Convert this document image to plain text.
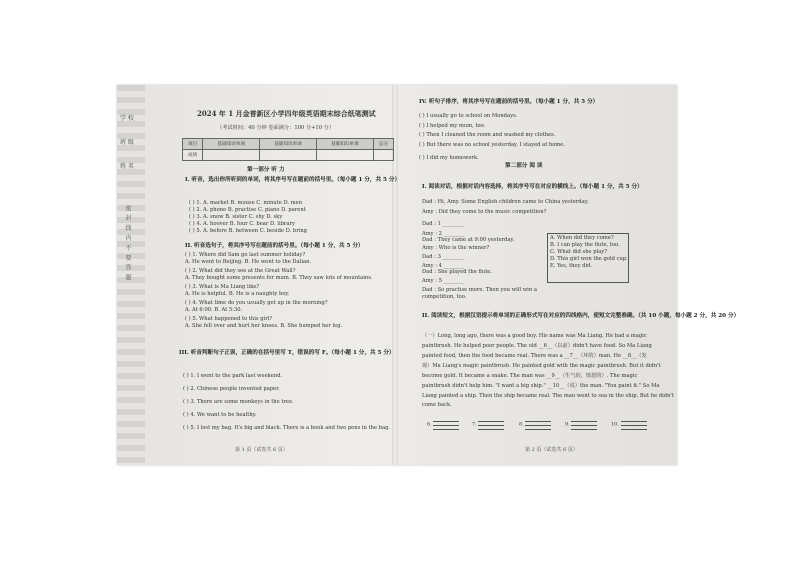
学 校
班 级
姓 名
密 封 线 内 不 要 答 题
2024 年 1 月金普新区小学四年级英语期末综合纸笔测试
（考试时间：40 分钟 卷面满分：100 分+10 分）
项目	基础知识单项	基础知识单项	基础知识单项	总分
成绩				
第一部分 听 力
I. 听音，选出你所听到的单词，将其序号写在题前的括号里。（每小题 1 分，共 5 分）
( ) 1. A. market B. mouse C. minute D. men
( ) 2. A. phone B. practise C. piano D. parent
( ) 3. A. snow B. sister C. shy D. sky
( ) 4. A. hoover B. four C. bear D. library
( ) 5. A. before B. between C. beside D. bring
II. 听音选句子，将其序号写在题前的括号里。（每小题 1 分，共 5 分）
( ) 1. Where did Sam go last summer holiday?
A. He went to Beijing. B. He went to the Dalian.
( ) 2. What did they see at the Great Wall?
A. They bought some presents for mum. B. They saw lots of mountains.
( ) 3. What is Ma Liang like?
A. He is helpful. B. He is a naughty boy.
( ) 4. What time do you usually get up in the morning?
A. At 6:00. B. At 5:30.
( ) 5. What happened to this girl?
A. She fell over and hurt her knees. B. She bumped her leg.
III. 听音判断句子正误，正确的在括号里写 T，错误的写 F。（每小题 1 分，共 5 分）
( ) 1. I went to the park last weekend.
( ) 2. Chinese people invented paper.
( ) 3. There are some monkeys in the tree.
( ) 4. We want to be healthy.
( ) 5. I lost my bag. It's big and black. There is a book and two pens in the bag.
第 1 页（试卷共 6 页）
IV. 听句子排序，将其序号写在题前的括号里。（每小题 1 分，共 5 分）
( ) I usually go to school on Mondays.
( ) I helped my mum, too.
( ) Then I cleaned the room and washed my clothes.
( ) But there was no school yesterday. I stayed at home.
( ) I did my homework.
第二部分 阅 读
I. 阅读对话，根据对话内容选择，将其序号写在对应的横线上。（每小题 1 分，共 5 分）
Dad : Hi, Amy. Some English children came to China yesterday.
Amy : Did they come to the music competition?
Dad : 1 ________
Amy : 2 ________
Dad : They came at 9:00 yesterday.
Amy : Who is the winner?
Dad : 3 ________
Amy : 4 ________
Dad : She played the flute.
Amy : 5 ________
Dad : So practise more. Then you will win a
competition, too.
A. When did they come?
B. I can play the flute, too.
C. What did she play?
D. This girl won the gold cup.
E. Yes, they did.
II. 阅读短文，根据汉语提示将单词的正确形式写在对应的四线格内，使短文完整准确。（共 10 小题，每小题 2 分，共 20 分）
（一）Long, long ago, there was a good boy. His name was Ma Liang. He had a magic
paintbrush. He helped poor people. The old __6__（以前）didn't have food. So Ma Liang
painted food, then the food became real. There was a __7__（坏的）man. He __8__（发
现）Ma Liang's magic paintbrush. He painted gold with the magic paintbrush. But it didn't
become gold. It became a snake. The man was __9__（生气的，愤怒的）. The magic
paintbrush didn't help him. "I want a big ship." __10__（说）the man. "You paint it." So Ma
Liang painted a ship. Then the ship became real. The man went to sea in the ship. But he didn't
come back.
6.	7.	8.	9.	10.
第 2 页（试卷共 6 页）
